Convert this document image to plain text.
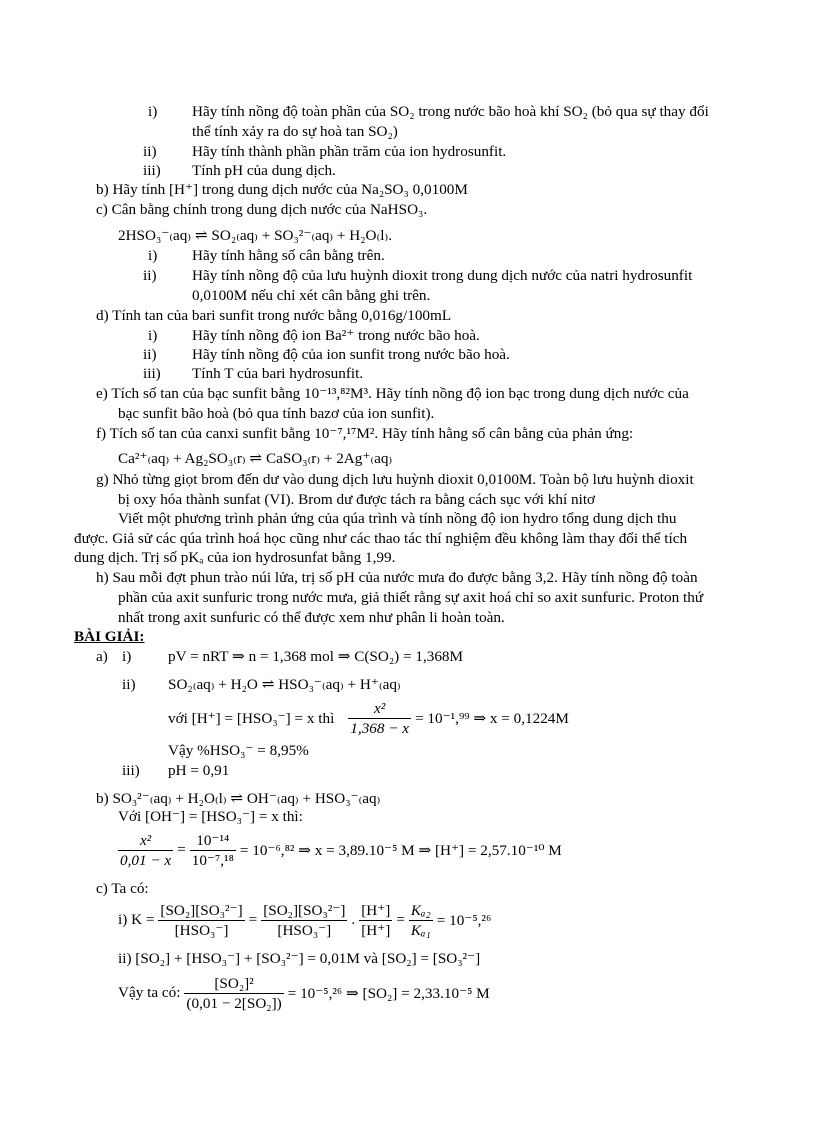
i) Hãy tính nồng độ toàn phần của SO₂ trong nước bão hoà khí SO₂ (bỏ qua sự thay đổi
thể tính xảy ra do sự hoà tan SO₂)
ii) Hãy tính thành phần phần trăm của ion hydrosunfit.
iii) Tính pH của dung dịch.
b) Hãy tính [H⁺] trong dung dịch nước của Na₂SO₃ 0,0100M
c) Cân bằng chính trong dung dịch nước của NaHSO₃.
2HSO₃⁻₍aq₎ ⇌ SO₂₍aq₎ + SO₃²⁻₍aq₎ + H₂O₍l₎.
i) Hãy tính hằng số cân bằng trên.
ii) Hãy tính nồng độ của lưu huỳnh dioxit trong dung dịch nước của natri hydrosunfit
0,0100M nếu chỉ xét cân bằng ghi trên.
d) Tính tan của bari sunfit trong nước bằng 0,016g/100mL
i) Hãy tính nồng độ ion Ba²⁺ trong nước bão hoà.
ii) Hãy tính nồng độ của ion sunfit trong nước bão hoà.
iii) Tính T của bari hydrosunfit.
e) Tích số tan của bạc sunfit bằng 10⁻¹³,⁸²M³. Hãy tính nồng độ ion bạc trong dung dịch nước của
bạc sunfit bão hoà (bỏ qua tính bazơ của ion sunfit).
f) Tích số tan của canxi sunfit bằng 10⁻⁷,¹⁷M². Hãy tính hằng số cân bằng của phản ứng:
Ca²⁺₍aq₎ + Ag₂SO₃₍r₎ ⇌ CaSO₃₍r₎ + 2Ag⁺₍aq₎
g) Nhỏ từng giọt brom đến dư vào dung dịch lưu huỳnh dioxit 0,0100M. Toàn bộ lưu huỳnh dioxit
bị oxy hóa thành sunfat (VI). Brom dư được tách ra bằng cách sục với khí nitơ
Viết một phương trình phản ứng của qúa trình và tính nồng độ ion hydro tổng dung dịch thu
được. Giả sử các qúa trình hoá học cũng như các thao tác thí nghiệm đều không làm thay đổi thể tích
dung dịch. Trị số pKₐ của ion hydrosunfat bằng 1,99.
h) Sau mỗi đợt phun trào núi lửa, trị số pH của nước mưa đo được bằng 3,2. Hãy tính nồng độ toàn
phần của axit sunfuric trong nước mưa, giả thiết rằng sự axit hoá chỉ so axit sunfuric. Proton thứ
nhất trong axit sunfuric có thể được xem như phân li hoàn toàn.
BÀI GIẢI:
a) i) pV = nRT ⇒ n = 1,368 mol ⇒ C(SO₂) = 1,368M
ii) SO₂₍aq₎ + H₂O ⇌ HSO₃⁻₍aq₎ + H⁺₍aq₎
với [H⁺] = [HSO₃⁻] = x thì $\frac{\text{x²}}{1,368 - x} = 10^{-1},^{99}$ ⇒ x = 0,1224M
Vậy %HSO₃⁻ = 8,95%
iii) pH = 0,91
b) SO₃²⁻₍aq₎ + H₂O₍l₎ ⇌ OH⁻₍aq₎ + HSO₃⁻₍aq₎
Với [OH⁻] = [HSO₃⁻] = x thì:
$\frac{\text{x²}}{0,01 - x} = \frac{\text{10⁻¹⁴}}{\text{10⁻⁷,¹⁸}} = 10^{-6},^{82}$ ⇒ x = 3,89.10⁻⁵ M ⇒ [H⁺] = 2,57.10⁻¹⁰ M
c) Ta có:
i) $K = \frac{\text{[SO₂][SO₃²⁻]}}{\text{[HSO₃⁻]}} = \frac{\text{[SO₂][SO₃²⁻]}}{\text{[HSO₃⁻]}}$ . $\frac{[H^+]}{[H^+]} = \frac{\text{Kₐ₂}}{\text{Kₐ₁}} = 10^{-5},^{26}$
ii) [SO₂] + [HSO₃⁻] + [SO₃²⁻] = 0,01M và [SO₂] = [SO₃²⁻]
Vậy ta có: $\frac{\text{[SO₂]²}}{\text{(0,01 − 2[SO₂])}} = 10^{-5},^{26}$ ⇒ [SO₂] = 2,33.10⁻⁵ M
